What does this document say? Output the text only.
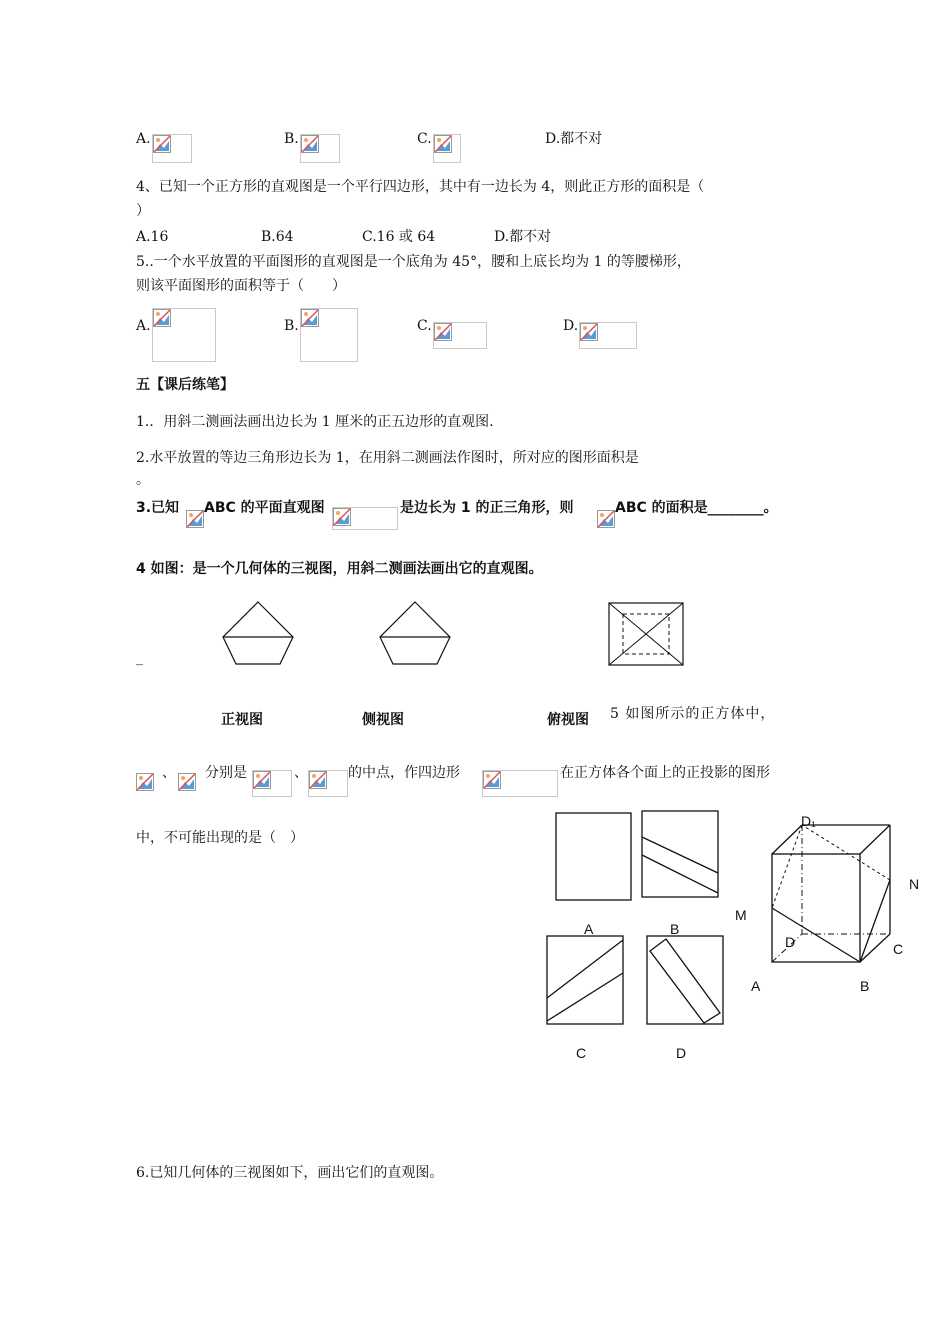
A.	B.	C.	D.都不对
4、已知一个正方形的直观图是一个平行四边形，其中有一边长为 4，则此正方形的面积是（
）
A.16	B.64	C.16 或 64	D.都不对
5..一个水平放置的平面图形的直观图是一个底角为 45°，腰和上底长均为 1 的等腰梯形，
则该平面图形的面积等于（　　）
A.	B.	C.	D.
五【课后练笔】
1.．用斜二测画法画出边长为 1 厘米的正五边形的直观图.
2.水平放置的等边三角形边长为 1，在用斜二测画法作图时，所对应的图形面积是
。
3.已知 ABC 的平面直观图	是边长为 1 的正三角形，则	ABC 的面积是________。
4 如图：是一个几何体的三视图，用斜二测画法画出它的直观图。
_
正视图	侧视图	俯视图 5 如图所示的正方体中，
、 分别是	、	的中点，作四边形	在正方体各个面上的正投影的图形
中，不可能出现的是（　）
A	B
C	D
D₁
N
M
D	C
A	B
6.已知几何体的三视图如下，画出它们的直观图。
